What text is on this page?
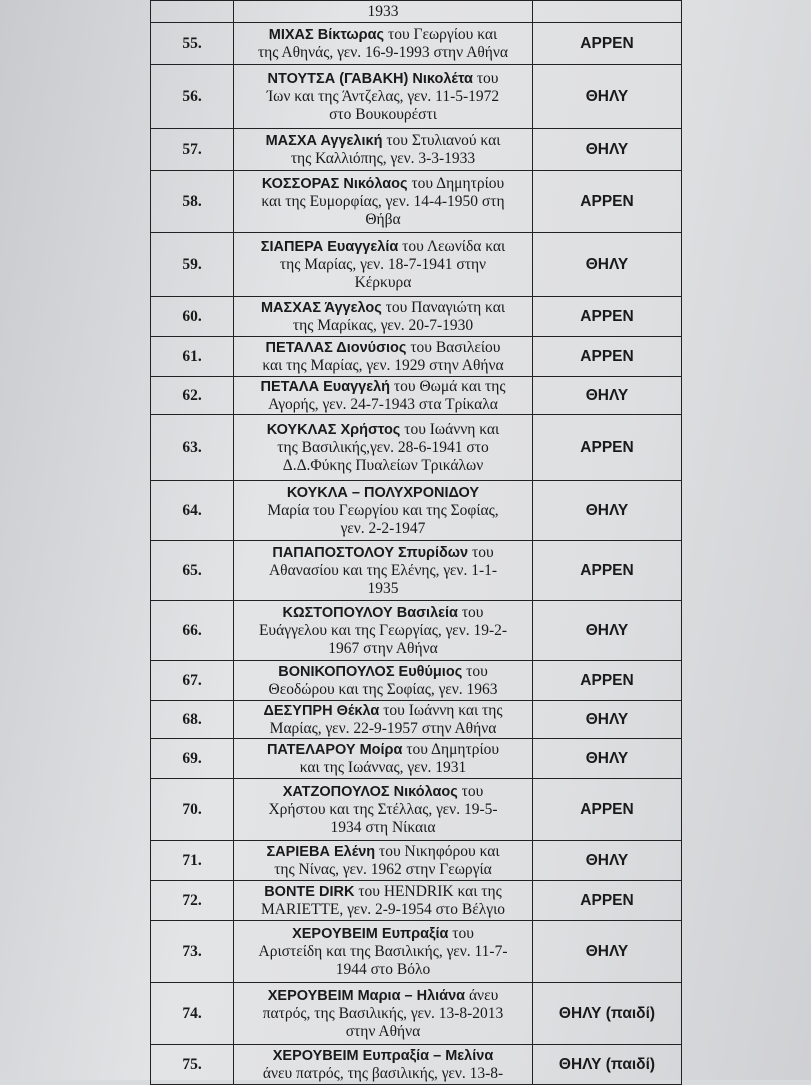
	1933	
55.	ΜΙΧΑΣ Βίκτωρας του Γεωργίου και
της Αθηνάς, γεν. 16-9-1993 στην Αθήνα	ΑΡΡΕΝ
56.	ΝΤΟΥΤΣΑ (ΓΑΒΑΚΗ) Νικολέτα του
Ίων και της Άντζελας, γεν. 11-5-1972
στο Βουκουρέστι	ΘΗΛΥ
57.	ΜΑΣΧΑ Αγγελική του Στυλιανού και
της Καλλιόπης, γεν. 3-3-1933	ΘΗΛΥ
58.	ΚΟΣΣΟΡΑΣ Νικόλαος του Δημητρίου
και της Ευμορφίας, γεν. 14-4-1950 στη
Θήβα	ΑΡΡΕΝ
59.	ΣΙΑΠΕΡΑ Ευαγγελία του Λεωνίδα και
της Μαρίας, γεν. 18-7-1941 στην
Κέρκυρα	ΘΗΛΥ
60.	ΜΑΣΧΑΣ Άγγελος του Παναγιώτη και
της Μαρίκας, γεν. 20-7-1930	ΑΡΡΕΝ
61.	ΠΕΤΑΛΑΣ Διονύσιος του Βασιλείου
και της Μαρίας, γεν. 1929 στην Αθήνα	ΑΡΡΕΝ
62.	ΠΕΤΑΛΑ Ευαγγελή του Θωμά και της
Αγορής, γεν. 24-7-1943 στα Τρίκαλα	ΘΗΛΥ
63.	ΚΟΥΚΛΑΣ Χρήστος του Ιωάννη και
της Βασιλικής,γεν. 28-6-1941 στο
Δ.Δ.Φύκης Πυαλείων Τρικάλων	ΑΡΡΕΝ
64.	ΚΟΥΚΛΑ – ΠΟΛΥΧΡΟΝΙΔΟΥ
Μαρία του Γεωργίου και της Σοφίας,
γεν. 2-2-1947	ΘΗΛΥ
65.	ΠΑΠΑΠΟΣΤΟΛΟΥ Σπυρίδων του
Αθανασίου και της Ελένης, γεν. 1-1-
1935	ΑΡΡΕΝ
66.	ΚΩΣΤΟΠΟΥΛΟΥ Βασιλεία του
Ευάγγελου και της Γεωργίας, γεν. 19-2-
1967 στην Αθήνα	ΘΗΛΥ
67.	ΒΟΝΙΚΟΠΟΥΛΟΣ Ευθύμιος του
Θεοδώρου και της Σοφίας, γεν. 1963	ΑΡΡΕΝ
68.	ΔΕΣΥΠΡΗ Θέκλα του Ιωάννη και της
Μαρίας, γεν. 22-9-1957 στην Αθήνα	ΘΗΛΥ
69.	ΠΑΤΕΛΑΡΟΥ Μοίρα του Δημητρίου
και της Ιωάννας, γεν. 1931	ΘΗΛΥ
70.	ΧΑΤΖΟΠΟΥΛΟΣ Νικόλαος του
Χρήστου και της Στέλλας, γεν. 19-5-
1934 στη Νίκαια	ΑΡΡΕΝ
71.	ΣΑΡΙΕΒΑ Ελένη του Νικηφόρου και
της Νίνας, γεν. 1962 στην Γεωργία	ΘΗΛΥ
72.	BONTE DIRK του HENDRIK και της
MARIETTE, γεν. 2-9-1954 στο Βέλγιο	ΑΡΡΕΝ
73.	ΧΕΡΟΥΒΕΙΜ Ευπραξία του
Αριστείδη και της Βασιλικής, γεν. 11-7-
1944 στο Βόλο	ΘΗΛΥ
74.	ΧΕΡΟΥΒΕΙΜ Μαρια – Ηλιάνα άνευ
πατρός, της Βασιλικής, γεν. 13-8-2013
στην Αθήνα	ΘΗΛΥ (παιδί)
75.	ΧΕΡΟΥΒΕΙΜ Ευπραξία – Μελίνα
άνευ πατρός, της βασιλικής, γεν. 13-8-	ΘΗΛΥ (παιδί)
